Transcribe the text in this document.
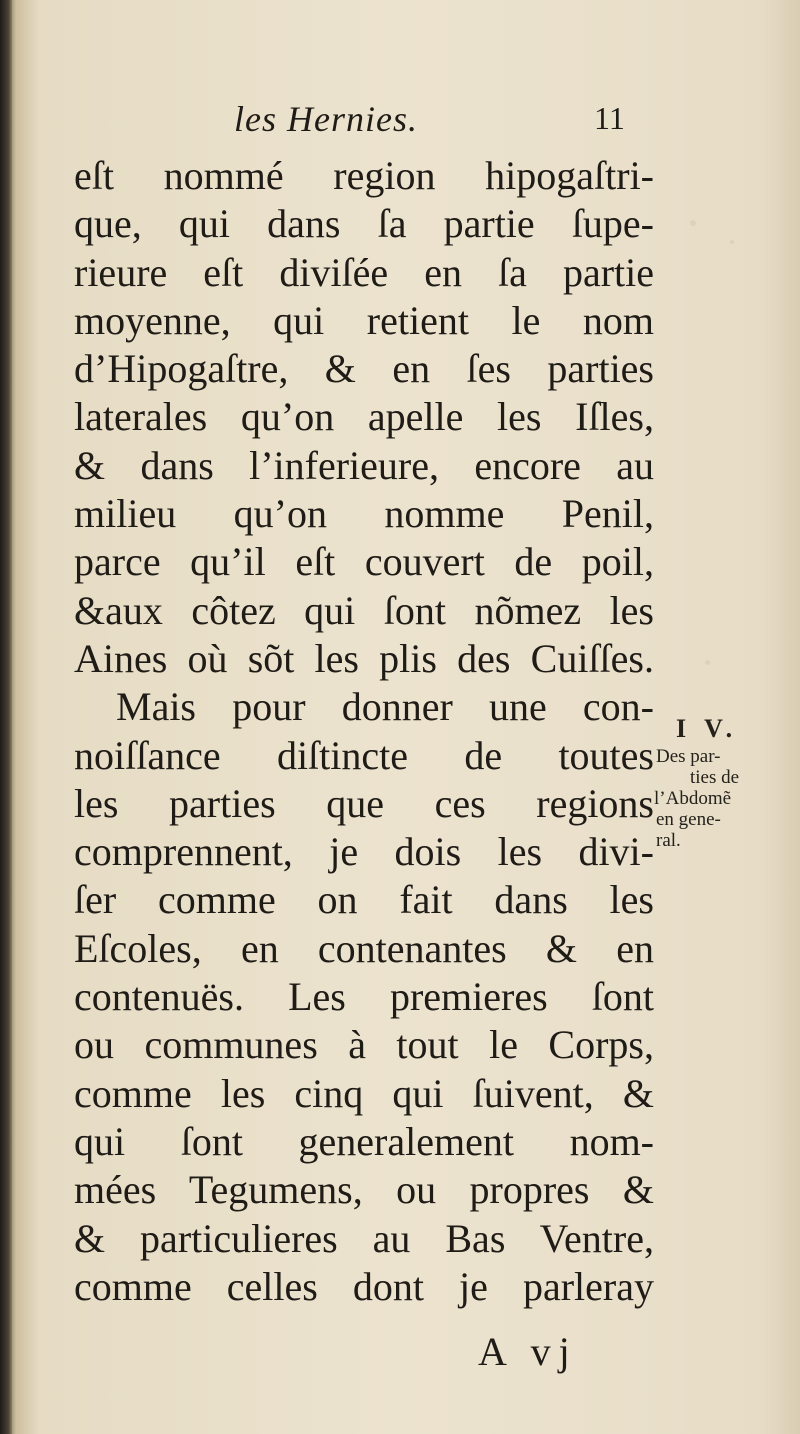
les Hernies.	11
eſt nommé region hipogaſtri-
que, qui dans ſa partie ſupe-
rieure eſt diviſée en ſa partie
moyenne, qui retient le nom
d’Hipogaſtre, & en ſes parties
laterales qu’on apelle les Iſles,
& dans l’inferieure, encore au
milieu qu’on nomme Penil,
parce qu’il eſt couvert de poil,
&aux côtez qui ſont nõmez les
Aines où sõt les plis des Cuiſſes.
Mais pour donner une con-
noiſſance diſtincte de toutes
les parties que ces regions
comprennent, je dois les divi-
ſer comme on fait dans les
Eſcoles, en contenantes & en
contenuës. Les premieres ſont
ou communes à tout le Corps,
comme les cinq qui ſuivent, &
qui ſont generalement nom-
mées Tegumens, ou propres &
& particulieres au Bas Ventre,
comme celles dont je parleray
A vj
I V.
Des par-
ties de
l’Abdomẽ
en gene-
ral.
